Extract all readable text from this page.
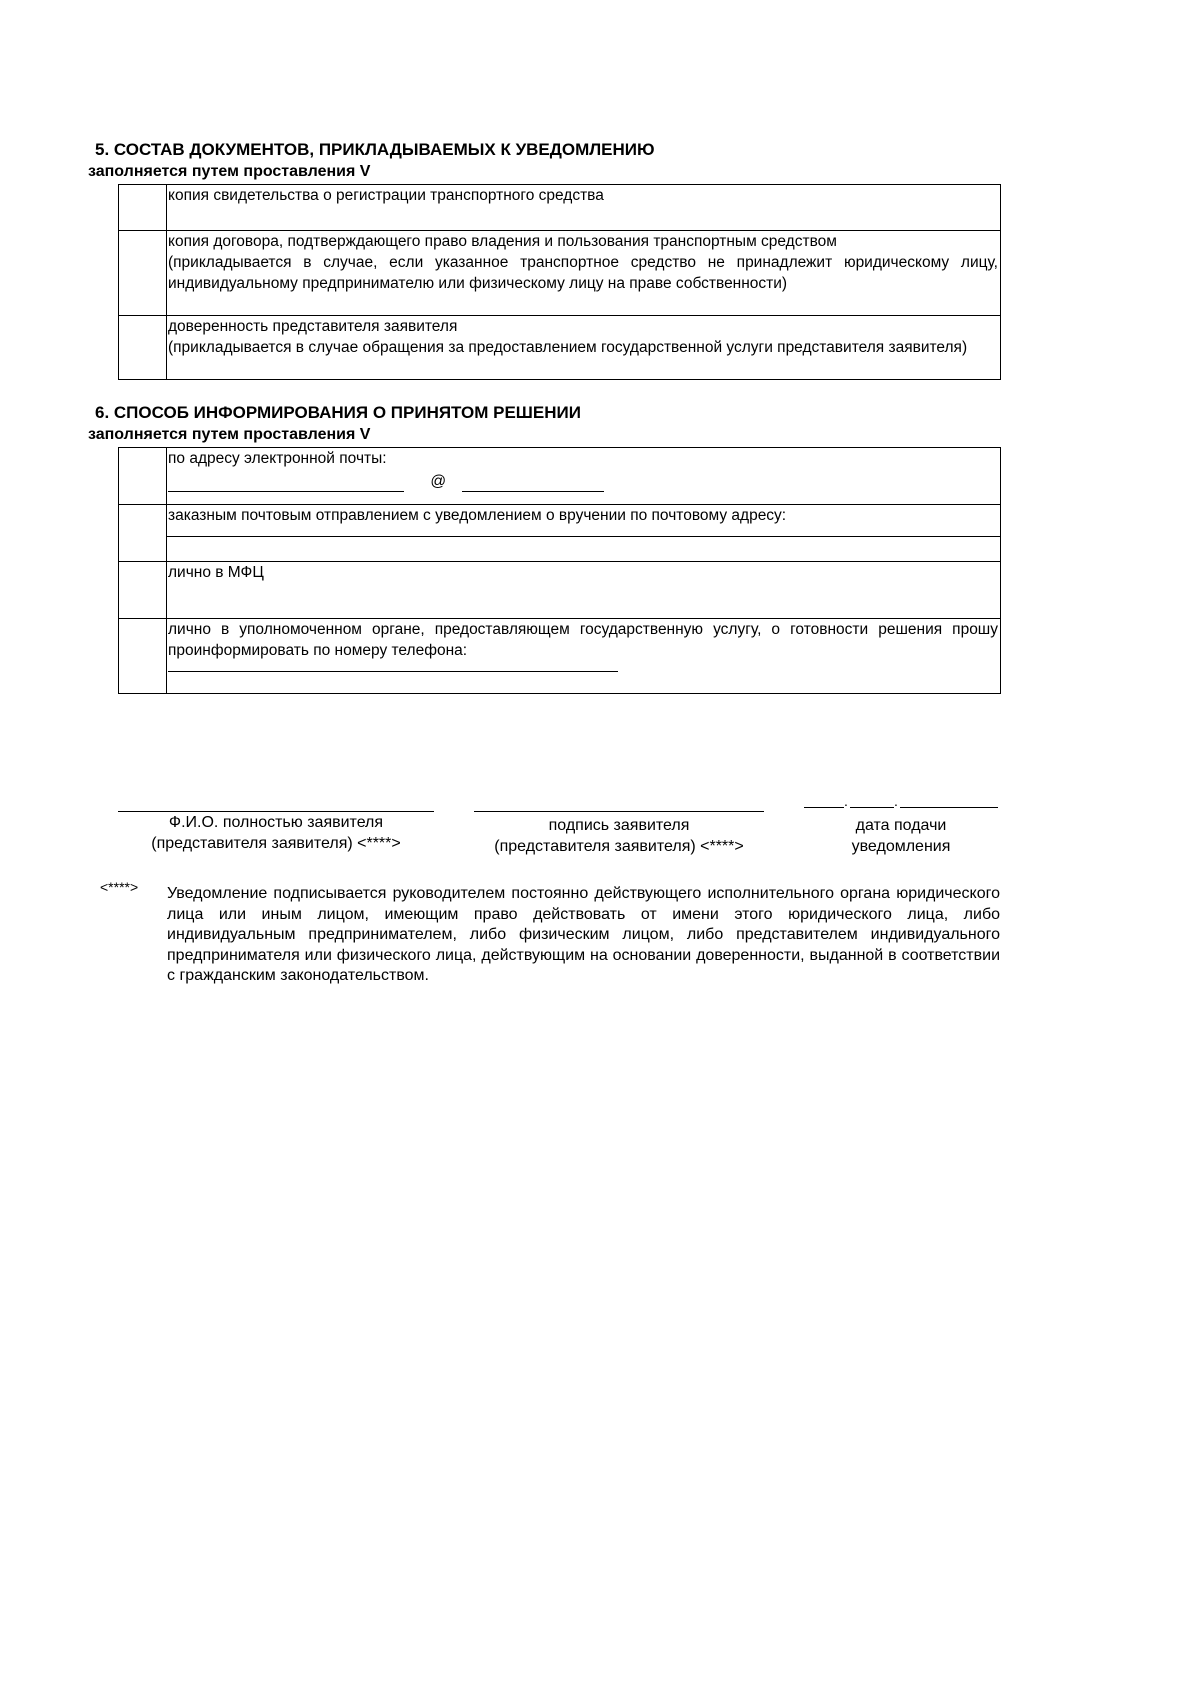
5. СОСТАВ ДОКУМЕНТОВ, ПРИКЛАДЫВАЕМЫХ К УВЕДОМЛЕНИЮ
заполняется путем проставления V

	копия свидетельства о регистрации транспортного средства

	копия договора, подтверждающего право владения и пользования транспортным средством
(прикладывается в случае, если указанное транспортное средство не принадлежит юридическому лицу, индивидуальному предпринимателю или физическому лицу на праве собственности)

	доверенность представителя заявителя
(прикладывается в случае обращения за предоставлением государственной услуги представителя заявителя)
6. СПОСОБ ИНФОРМИРОВАНИЯ О ПРИНЯТОМ РЕШЕНИИ
заполняется путем проставления V

	по адресу электронной почты:
@

	заказным почтовым отправлением с уведомлением о вручении по почтовому адресу:

	лично в МФЦ

	лично в уполномоченном органе, предоставляющем государственную услугу, о готовности решения прошу проинформировать по номеру телефона:
Ф.И.О. полностью заявителя
(представителя заявителя) <****>
подпись заявителя
(представителя заявителя) <****>
.	.
дата подачи
уведомления
<****> Уведомление подписывается руководителем постоянно действующего исполнительного органа юридического лица или иным лицом, имеющим право действовать от имени этого юридического лица, либо индивидуальным предпринимателем, либо физическим лицом, либо представителем индивидуального предпринимателя или физического лица, действующим на основании доверенности, выданной в соответствии с гражданским законодательством.
